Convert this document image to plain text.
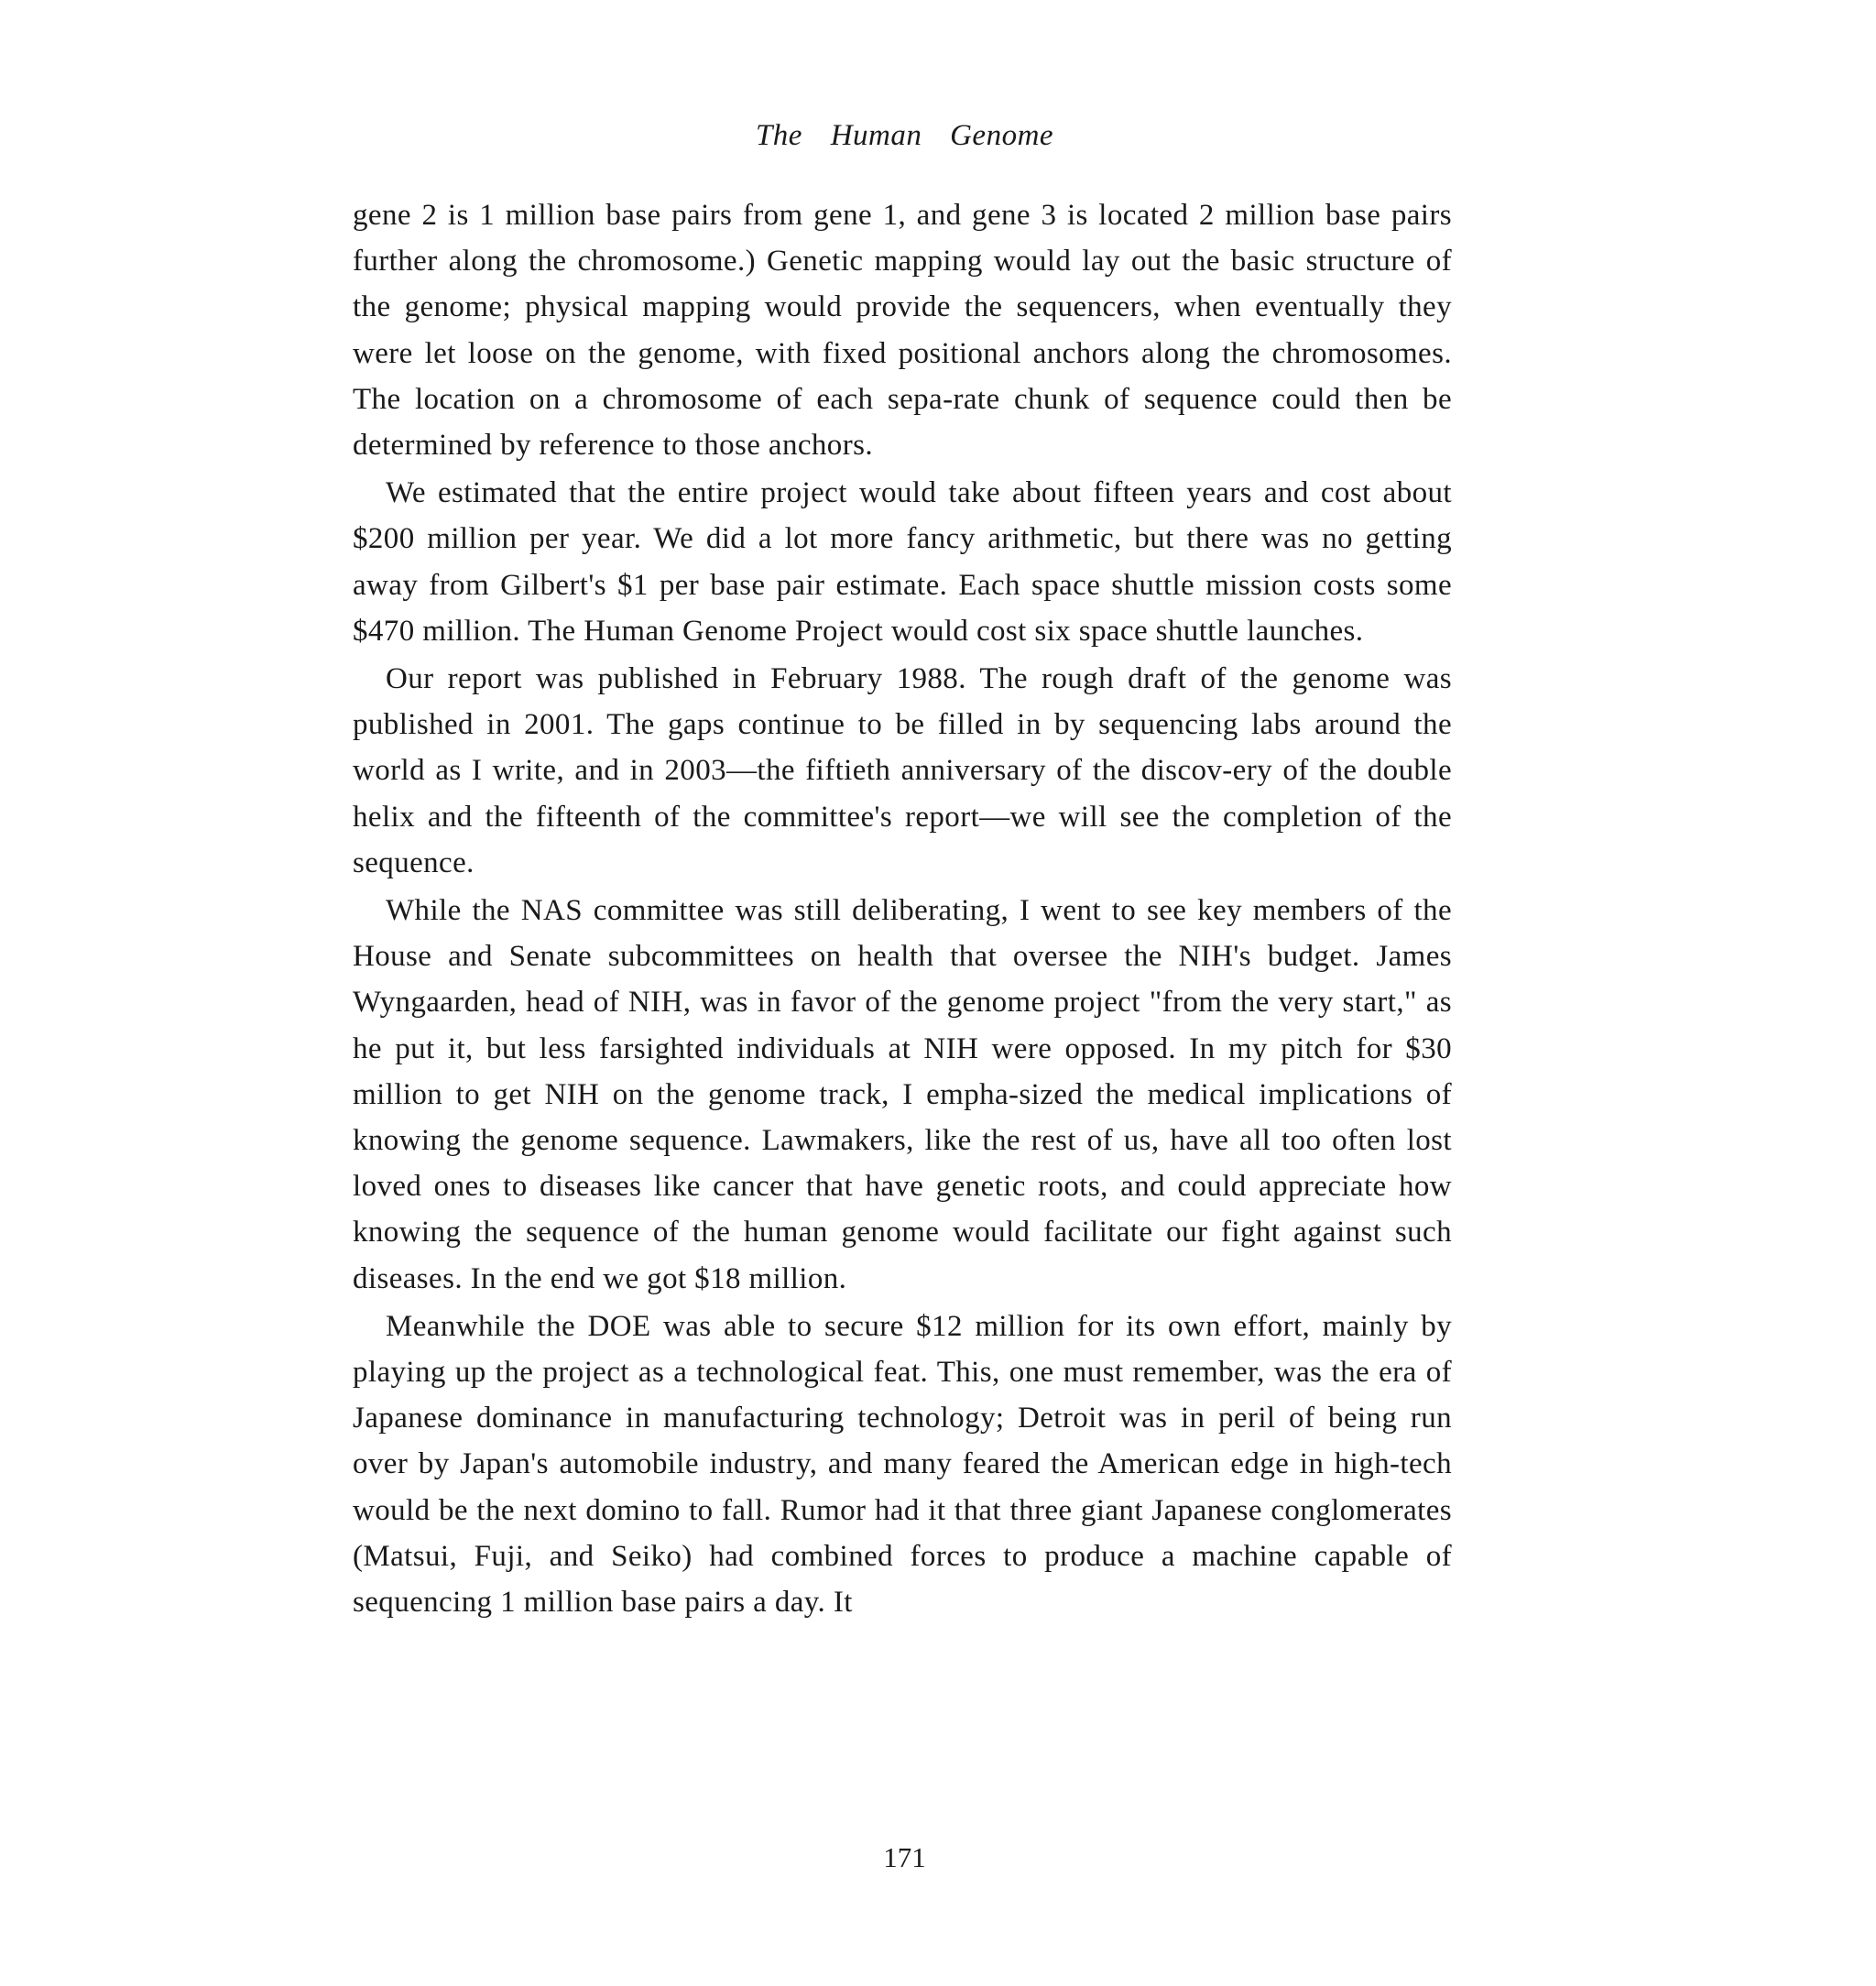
The Human Genome

gene 2 is 1 million base pairs from gene 1, and gene 3 is located 2 million base pairs further along the chromosome.) Genetic mapping would lay out the basic structure of the genome; physical mapping would provide the sequencers, when eventually they were let loose on the genome, with fixed positional anchors along the chromosomes. The location on a chromosome of each sepa-rate chunk of sequence could then be determined by reference to those anchors.

We estimated that the entire project would take about fifteen years and cost about $200 million per year. We did a lot more fancy arithmetic, but there was no getting away from Gilbert's $1 per base pair estimate. Each space shuttle mission costs some $470 million. The Human Genome Project would cost six space shuttle launches.

Our report was published in February 1988. The rough draft of the genome was published in 2001. The gaps continue to be filled in by sequencing labs around the world as I write, and in 2003—the fiftieth anniversary of the discov-ery of the double helix and the fifteenth of the committee's report—we will see the completion of the sequence.

While the NAS committee was still deliberating, I went to see key members of the House and Senate subcommittees on health that oversee the NIH's budget. James Wyngaarden, head of NIH, was in favor of the genome project "from the very start," as he put it, but less farsighted individuals at NIH were opposed. In my pitch for $30 million to get NIH on the genome track, I empha-sized the medical implications of knowing the genome sequence. Lawmakers, like the rest of us, have all too often lost loved ones to diseases like cancer that have genetic roots, and could appreciate how knowing the sequence of the human genome would facilitate our fight against such diseases. In the end we got $18 million.

Meanwhile the DOE was able to secure $12 million for its own effort, mainly by playing up the project as a technological feat. This, one must remember, was the era of Japanese dominance in manufacturing technology; Detroit was in peril of being run over by Japan's automobile industry, and many feared the American edge in high-tech would be the next domino to fall. Rumor had it that three giant Japanese conglomerates (Matsui, Fuji, and Seiko) had combined forces to produce a machine capable of sequencing 1 million base pairs a day. It

171
